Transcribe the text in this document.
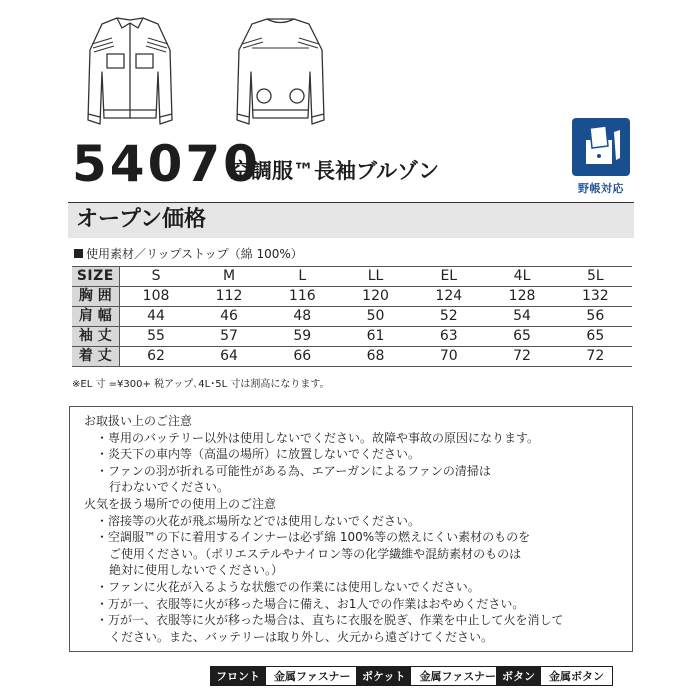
野帳対応
54070
空調服™長袖ブルゾン
オープン価格
使用素材／リップストップ（綿 100%）
SIZE	S	M	L	LL	EL	4L	5L
胸 囲	108	112	116	120	124	128	132
肩 幅	44	46	48	50	52	54	56
袖 丈	55	57	59	61	63	65	65
着 丈	62	64	66	68	70	72	72
※EL 寸 =¥300+ 税アップ､4L･5L 寸は割高になります。
お取扱い上のご注意
・専用のバッテリー以外は使用しないでください。故障や事故の原因になります。
・炎天下の車内等（高温の場所）に放置しないでください。
・ファンの羽が折れる可能性がある為、エアーガンによるファンの清掃は
行わないでください。
火気を扱う場所での使用上のご注意
・溶接等の火花が飛ぶ場所などでは使用しないでください。
・空調服™の下に着用するインナーは必ず綿 100%等の燃えにくい素材のものを
ご使用ください。（ポリエステルやナイロン等の化学繊維や混紡素材のものは
絶対に使用しないでください。）
・ファンに火花が入るような状態での作業には使用しないでください。
・万が一、衣服等に火が移った場合に備え、お1人での作業はおやめください。
・万が一、衣服等に火が移った場合は、直ちに衣服を脱ぎ、作業を中止して火を消して
ください。また、バッテリーは取り外し、火元から遠ざけてください。
フロント	金属ファスナー	ポケット	金属ファスナー ボタン	金属ボタン
